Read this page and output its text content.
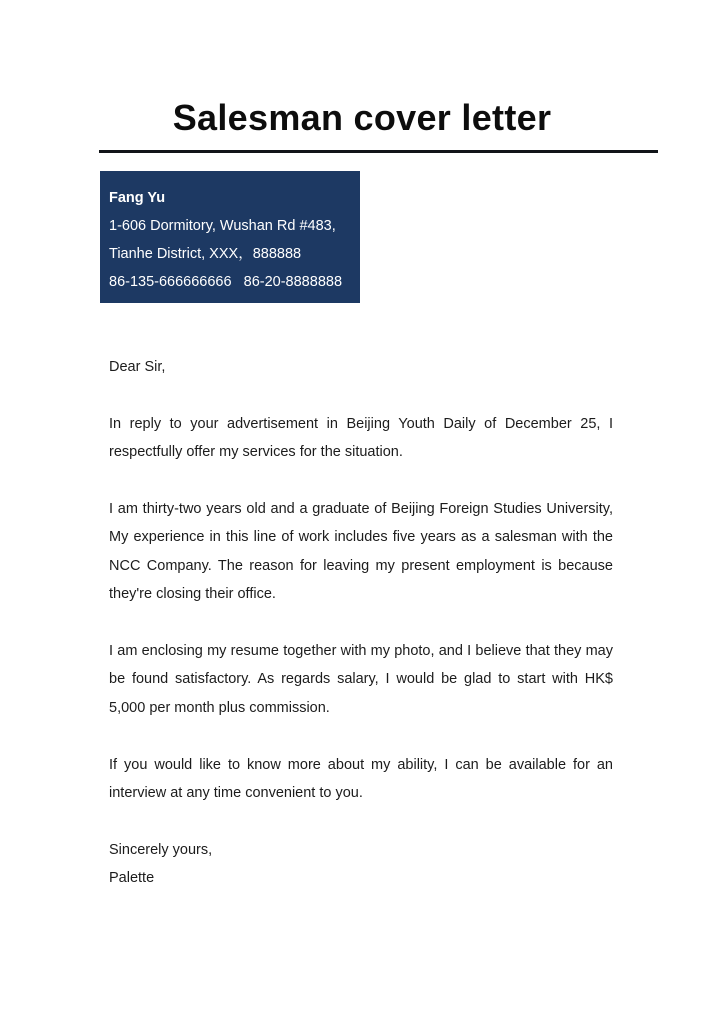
Salesman cover letter
Fang Yu
1-606 Dormitory, Wushan Rd #483,
Tianhe District, XXX，888888
86-135-666666666   86-20-8888888

Dear Sir,

In reply to your advertisement in Beijing Youth Daily of December 25, I respectfully offer my services for the situation.

I am thirty-two years old and a graduate of Beijing Foreign Studies University, My experience in this line of work includes five years as a salesman with the NCC Company. The reason for leaving my present employment is because they're closing their office.

I am enclosing my resume together with my photo, and I believe that they may be found satisfactory. As regards salary, I would be glad to start with HK$ 5,000 per month plus commission.

If you would like to know more about my ability, I can be available for an interview at any time convenient to you.

Sincerely yours,

Palette
